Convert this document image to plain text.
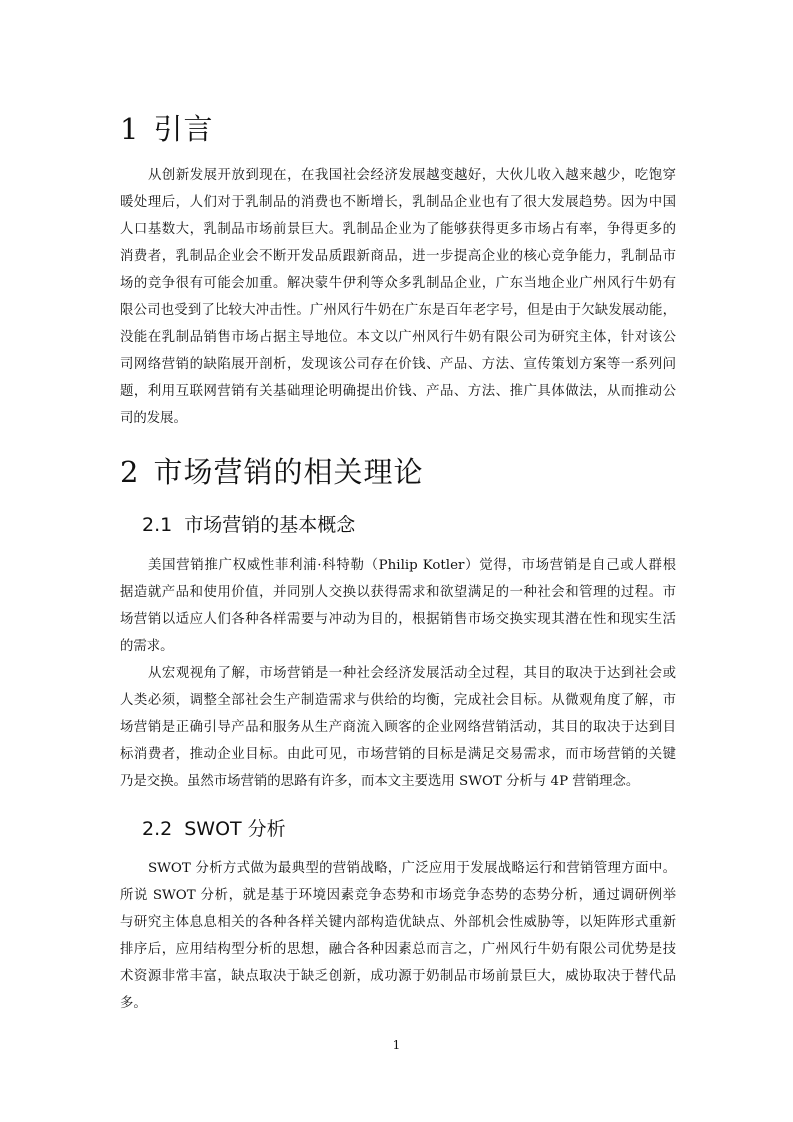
1 引言
从创新发展开放到现在，在我国社会经济发展越变越好，大伙儿收入越来越少，吃饱穿
暖处理后，人们对于乳制品的消费也不断增长，乳制品企业也有了很大发展趋势。因为中国
人口基数大，乳制品市场前景巨大。乳制品企业为了能够获得更多市场占有率，争得更多的
消费者，乳制品企业会不断开发品质跟新商品，进一步提高企业的核心竞争能力，乳制品市
场的竞争很有可能会加重。解决蒙牛伊利等众多乳制品企业，广东当地企业广州风行牛奶有
限公司也受到了比较大冲击性。广州风行牛奶在广东是百年老字号，但是由于欠缺发展动能，
没能在乳制品销售市场占据主导地位。本文以广州风行牛奶有限公司为研究主体，针对该公
司网络营销的缺陷展开剖析，发现该公司存在价钱、产品、方法、宣传策划方案等一系列问
题，利用互联网营销有关基础理论明确提出价钱、产品、方法、推广具体做法，从而推动公
司的发展。
2 市场营销的相关理论
2.1 市场营销的基本概念
美国营销推广权威性菲利浦·科特勒（Philip Kotler）觉得，市场营销是自己或人群根
据造就产品和使用价值，并同别人交换以获得需求和欲望满足的一种社会和管理的过程。市
场营销以适应人们各种各样需要与冲动为目的，根据销售市场交换实现其潜在性和现实生活
的需求。
从宏观视角了解，市场营销是一种社会经济发展活动全过程，其目的取决于达到社会或
人类必须，调整全部社会生产制造需求与供给的均衡，完成社会目标。从微观角度了解，市
场营销是正确引导产品和服务从生产商流入顾客的企业网络营销活动，其目的取决于达到目
标消费者，推动企业目标。由此可见，市场营销的目标是满足交易需求，而市场营销的关键
乃是交换。虽然市场营销的思路有许多，而本文主要选用 SWOT 分析与 4P 营销理念。
2.2 SWOT 分析
SWOT 分析方式做为最典型的营销战略，广泛应用于发展战略运行和营销管理方面中。
所说 SWOT 分析，就是基于环境因素竞争态势和市场竞争态势的态势分析，通过调研例举
与研究主体息息相关的各种各样关键内部构造优缺点、外部机会性威胁等，以矩阵形式重新
排序后，应用结构型分析的思想，融合各种因素总而言之，广州风行牛奶有限公司优势是技
术资源非常丰富，缺点取决于缺乏创新，成功源于奶制品市场前景巨大，威协取决于替代品
多。
1
